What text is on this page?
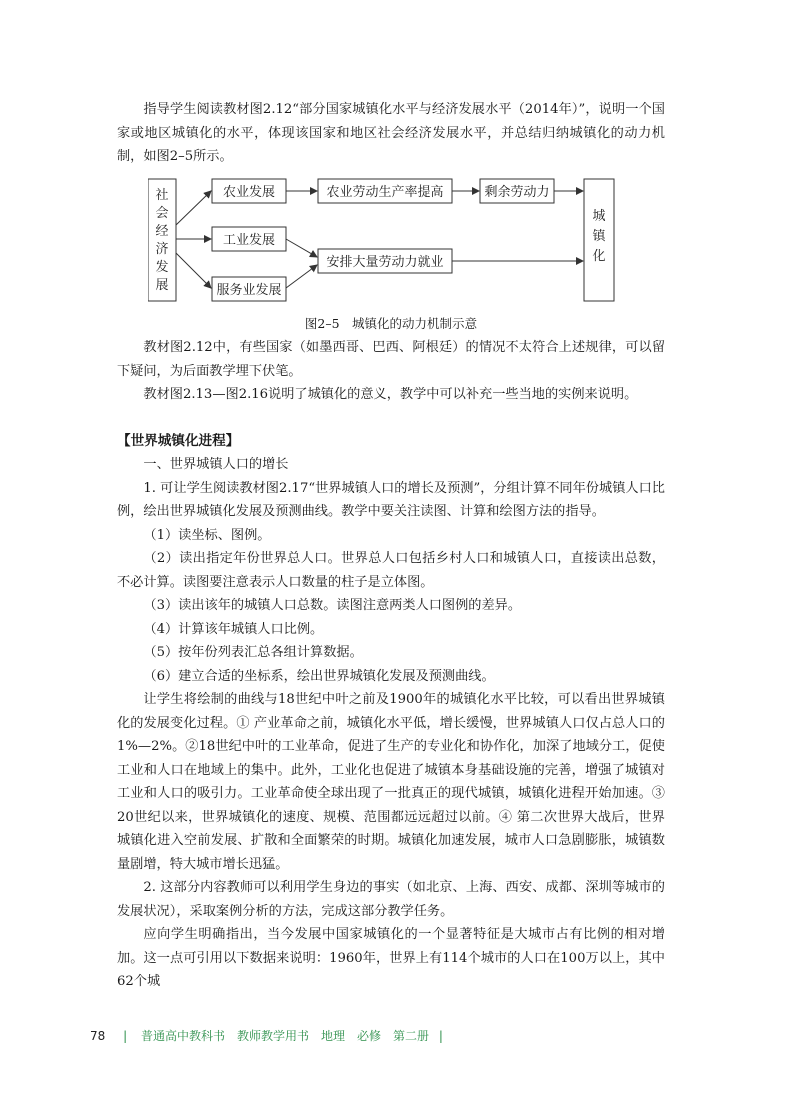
指导学生阅读教材图2.12“部分国家城镇化水平与经济发展水平（2014年）”，说明一个国家或地区城镇化的水平，体现该国家和地区社会经济发展水平，并总结归纳城镇化的动力机制，如图2–5所示。

社
会
经
济
发
展
农业发展
工业发展
服务业发展
农业劳动生产率提高	剩余劳动力
安排大量劳动力就业
城
镇
化
图2–5　城镇化的动力机制示意

教材图2.12中，有些国家（如墨西哥、巴西、阿根廷）的情况不太符合上述规律，可以留下疑问，为后面教学埋下伏笔。

教材图2.13—图2.16说明了城镇化的意义，教学中可以补充一些当地的实例来说明。

【世界城镇化进程】

一、世界城镇人口的增长

1. 可让学生阅读教材图2.17“世界城镇人口的增长及预测”，分组计算不同年份城镇人口比例，绘出世界城镇化发展及预测曲线。教学中要关注读图、计算和绘图方法的指导。

（1）读坐标、图例。

（2）读出指定年份世界总人口。世界总人口包括乡村人口和城镇人口，直接读出总数，不必计算。读图要注意表示人口数量的柱子是立体图。

（3）读出该年的城镇人口总数。读图注意两类人口图例的差异。

（4）计算该年城镇人口比例。

（5）按年份列表汇总各组计算数据。

（6）建立合适的坐标系，绘出世界城镇化发展及预测曲线。

让学生将绘制的曲线与18世纪中叶之前及1900年的城镇化水平比较，可以看出世界城镇化的发展变化过程。① 产业革命之前，城镇化水平低，增长缓慢，世界城镇人口仅占总人口的1%—2%。②18世纪中叶的工业革命，促进了生产的专业化和协作化，加深了地域分工，促使工业和人口在地域上的集中。此外，工业化也促进了城镇本身基础设施的完善，增强了城镇对工业和人口的吸引力。工业革命使全球出现了一批真正的现代城镇，城镇化进程开始加速。③ 20世纪以来，世界城镇化的速度、规模、范围都远远超过以前。④ 第二次世界大战后，世界城镇化进入空前发展、扩散和全面繁荣的时期。城镇化加速发展，城市人口急剧膨胀，城镇数量剧增，特大城市增长迅猛。

2. 这部分内容教师可以利用学生身边的事实（如北京、上海、西安、成都、深圳等城市的发展状况），采取案例分析的方法，完成这部分教学任务。

应向学生明确指出，当今发展中国家城镇化的一个显著特征是大城市占有比例的相对增加。这一点可引用以下数据来说明：1960年，世界上有114个城市的人口在100万以上，其中62个城

78 | 普通高中教科书　教师教学用书　地理　必修　第二册 |
